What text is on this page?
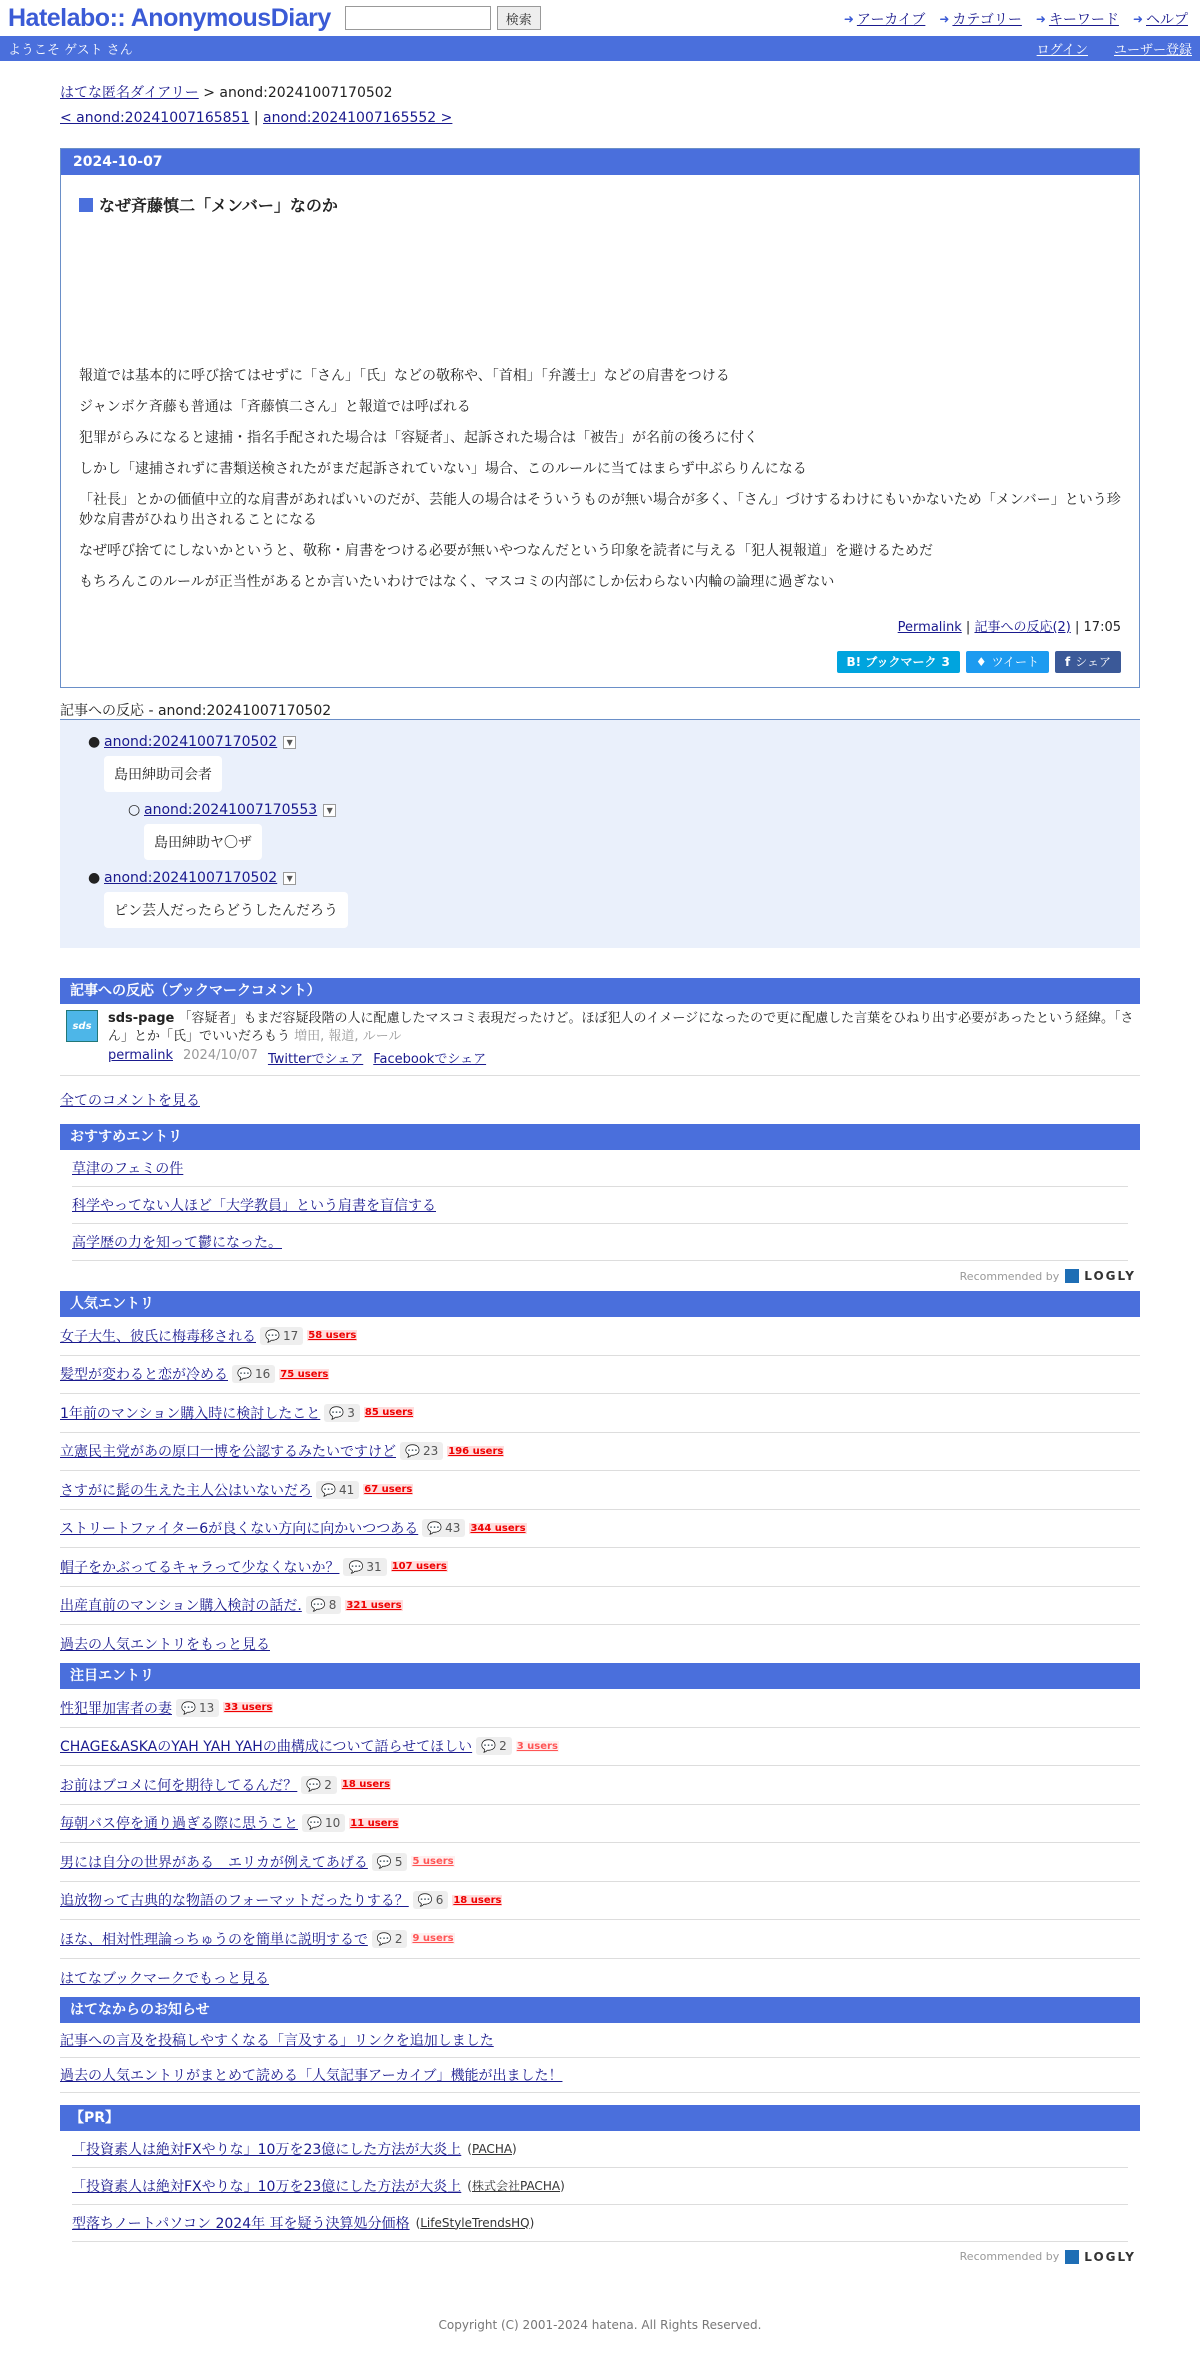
Hatelabo:: AnonymousDiary	検索	➜ アーカイブ ➜ カテゴリー ➜ キーワード ➜ ヘルプ
ようこそ ゲスト さん	ログイン ユーザー登録
はてな匿名ダイアリー > anond:20241007170502
< anond:20241007165851 | anond:20241007165552 >
2024-10-07
なぜ斉藤慎二「メンバー」なのか

報道では基本的に呼び捨てはせずに「さん」「氏」などの敬称や、「首相」「弁護士」などの肩書をつける

ジャンボケ斉藤も普通は「斉藤慎二さん」と報道では呼ばれる

犯罪がらみになると逮捕・指名手配された場合は「容疑者」、起訴された場合は「被告」が名前の後ろに付く

しかし「逮捕されずに書類送検されたがまだ起訴されていない」場合、このルールに当てはまらず中ぶらりんになる

「社長」とかの価値中立的な肩書があればいいのだが、芸能人の場合はそういうものが無い場合が多く、「さん」づけするわけにもいかないため「メンバー」という珍妙な肩書がひねり出されることになる

なぜ呼び捨てにしないかというと、敬称・肩書をつける必要が無いやつなんだという印象を読者に与える「犯人視報道」を避けるためだ

もちろんこのルールが正当性があるとか言いたいわけではなく、マスコミの内部にしか伝わらない内輪の論理に過ぎない

Permalink | 記事への反応(2) | 17:05
B! ブックマーク 3 ♦ ツイート f シェア
記事への反応 - anond:20241007170502
● anond:20241007170502	▼
島田紳助司会者
○ anond:20241007170553	▼
島田紳助ヤ〇ザ
● anond:20241007170502	▼
ピン芸人だったらどうしたんだろう
記事への反応（ブックマークコメント）
sds	sds-page 「容疑者」もまだ容疑段階の人に配慮したマスコミ表現だったけど。ほぼ犯人のイメージになったので更に配慮した言葉をひねり出す必要があったという経緯。「さん」とか「氏」でいいだろもう 増田, 報道, ルール
permalink 2024/10/07 Twitterでシェア Facebookでシェア
全てのコメントを見る
おすすめエントリ
草津のフェミの件
科学やってない人ほど「大学教員」という肩書を盲信する
高学歴の力を知って鬱になった。
Recommended by LOGLY
人気エントリ
女子大生、彼氏に梅毒移される 💬 17 58 users
髪型が変わると恋が冷める 💬 16 75 users
1年前のマンション購入時に検討したこと 💬 3 85 users
立憲民主党があの原口一博を公認するみたいですけど 💬 23 196 users
さすがに髭の生えた主人公はいないだろ 💬 41 67 users
ストリートファイター6が良くない方向に向かいつつある 💬 43 344 users
帽子をかぶってるキャラって少なくないか？ 💬 31 107 users
出産直前のマンション購入検討の話だ. 💬 8 321 users
過去の人気エントリをもっと見る
注目エントリ
性犯罪加害者の妻 💬 13 33 users
CHAGE&ASKAのYAH YAH YAHの曲構成について語らせてほしい 💬 2 3 users
お前はブコメに何を期待してるんだ？ 💬 2 18 users
毎朝バス停を通り過ぎる際に思うこと 💬 10 11 users
男には自分の世界がある　エリカが例えてあげる 💬 5 5 users
追放物って古典的な物語のフォーマットだったりする？ 💬 6 18 users
ほな、相対性理論っちゅうのを簡単に説明するで 💬 2 9 users
はてなブックマークでもっと見る
はてなからのお知らせ
記事への言及を投稿しやすくなる「言及する」リンクを追加しました
過去の人気エントリがまとめて読める「人気記事アーカイブ」機能が出ました！
【PR】
「投資素人は絶対FXやりな」10万を23億にした方法が大炎上 (PACHA)
「投資素人は絶対FXやりな」10万を23億にした方法が大炎上 (株式会社PACHA)
型落ちノートパソコン 2024年 耳を疑う決算処分価格 (LifeStyleTrendsHQ)
Recommended by LOGLY
Copyright (C) 2001-2024 hatena. All Rights Reserved.
